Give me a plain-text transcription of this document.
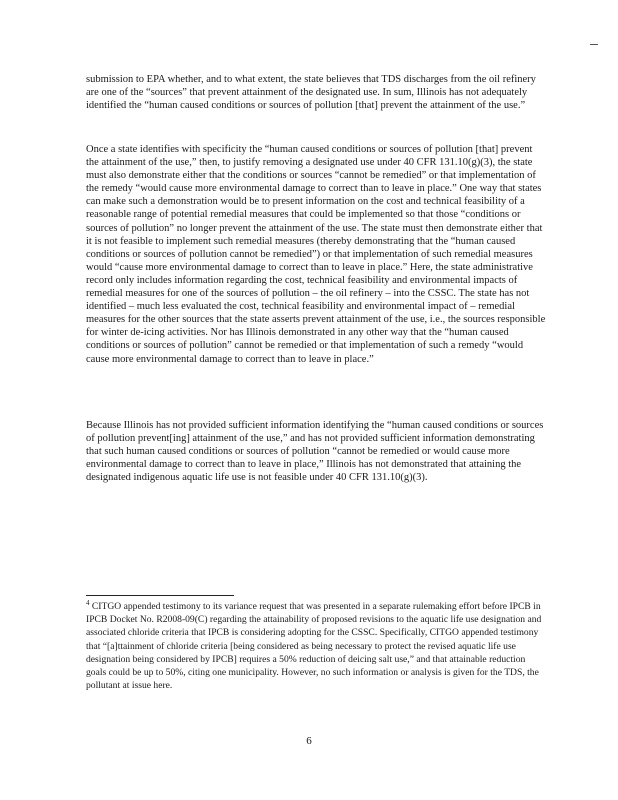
submission to EPA whether, and to what extent, the state believes that TDS discharges from the oil refinery are one of the “sources” that prevent attainment of the designated use. In sum, Illinois has not adequately identified the “human caused conditions or sources of pollution [that] prevent the attainment of the use.”

Once a state identifies with specificity the “human caused conditions or sources of pollution [that] prevent the attainment of the use,” then, to justify removing a designated use under 40 CFR 131.10(g)(3), the state must also demonstrate either that the conditions or sources “cannot be remedied” or that implementation of the remedy “would cause more environmental damage to correct than to leave in place.” One way that states can make such a demonstration would be to present information on the cost and technical feasibility of a reasonable range of potential remedial measures that could be implemented so that those “conditions or sources of pollution” no longer prevent the attainment of the use. The state must then demonstrate either that it is not feasible to implement such remedial measures (thereby demonstrating that the “human caused conditions or sources of pollution cannot be remedied”) or that implementation of such remedial measures would “cause more environmental damage to correct than to leave in place.” Here, the state administrative record only includes information regarding the cost, technical feasibility and environmental impacts of remedial measures for one of the sources of pollution – the oil refinery – into the CSSC. The state has not identified – much less evaluated the cost, technical feasibility and environmental impact of – remedial measures for the other sources that the state asserts prevent attainment of the use, i.e., the sources responsible for winter de-icing activities. Nor has Illinois demonstrated in any other way that the “human caused conditions or sources of pollution” cannot be remedied or that implementation of such a remedy “would cause more environmental damage to correct than to leave in place.”

Because Illinois has not provided sufficient information identifying the “human caused conditions or sources of pollution prevent[ing] attainment of the use,” and has not provided sufficient information demonstrating that such human caused conditions or sources of pollution “cannot be remedied or would cause more environmental damage to correct than to leave in place,” Illinois has not demonstrated that attaining the designated indigenous aquatic life use is not feasible under 40 CFR 131.10(g)(3).

$^4$ CITGO appended testimony to its variance request that was presented in a separate rulemaking effort before IPCB in IPCB Docket No. R2008-09(C) regarding the attainability of proposed revisions to the aquatic life use designation and associated chloride criteria that IPCB is considering adopting for the CSSC. Specifically, CITGO appended testimony that “[a]ttainment of chloride criteria [being considered as being necessary to protect the revised aquatic life use designation being considered by IPCB] requires a 50% reduction of deicing salt use,” and that attainable reduction goals could be up to 50%, citing one municipality. However, no such information or analysis is given for the TDS, the pollutant at issue here.

6
